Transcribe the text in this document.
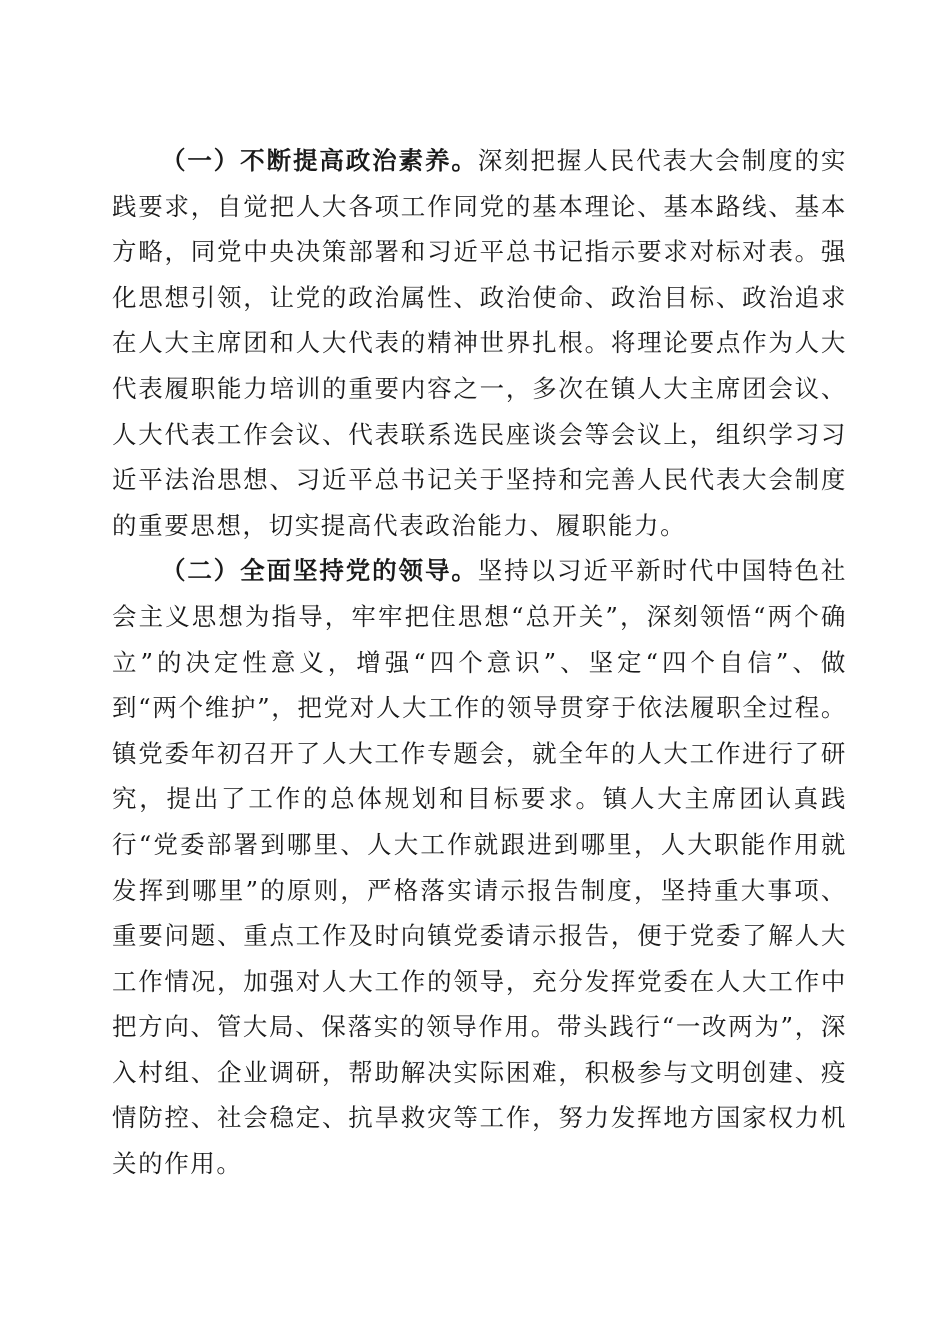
（一）不断提高政治素养。深刻把握人民代表大会制度的实践要求，自觉把人大各项工作同党的基本理论、基本路线、基本方略，同党中央决策部署和习近平总书记指示要求对标对表。强化思想引领，让党的政治属性、政治使命、政治目标、政治追求在人大主席团和人大代表的精神世界扎根。将理论要点作为人大代表履职能力培训的重要内容之一，多次在镇人大主席团会议、人大代表工作会议、代表联系选民座谈会等会议上，组织学习习近平法治思想、习近平总书记关于坚持和完善人民代表大会制度的重要思想，切实提高代表政治能力、履职能力。

（二）全面坚持党的领导。坚持以习近平新时代中国特色社会主义思想为指导，牢牢把住思想“总开关”，深刻领悟“两个确立”的决定性意义，增强“四个意识”、坚定“四个自信”、做到“两个维护”，把党对人大工作的领导贯穿于依法履职全过程。镇党委年初召开了人大工作专题会，就全年的人大工作进行了研究，提出了工作的总体规划和目标要求。镇人大主席团认真践行“党委部署到哪里、人大工作就跟进到哪里，人大职能作用就发挥到哪里”的原则，严格落实请示报告制度，坚持重大事项、重要问题、重点工作及时向镇党委请示报告，便于党委了解人大工作情况，加强对人大工作的领导，充分发挥党委在人大工作中把方向、管大局、保落实的领导作用。带头践行“一改两为”，深入村组、企业调研，帮助解决实际困难，积极参与文明创建、疫情防控、社会稳定、抗旱救灾等工作，努力发挥地方国家权力机关的作用。
